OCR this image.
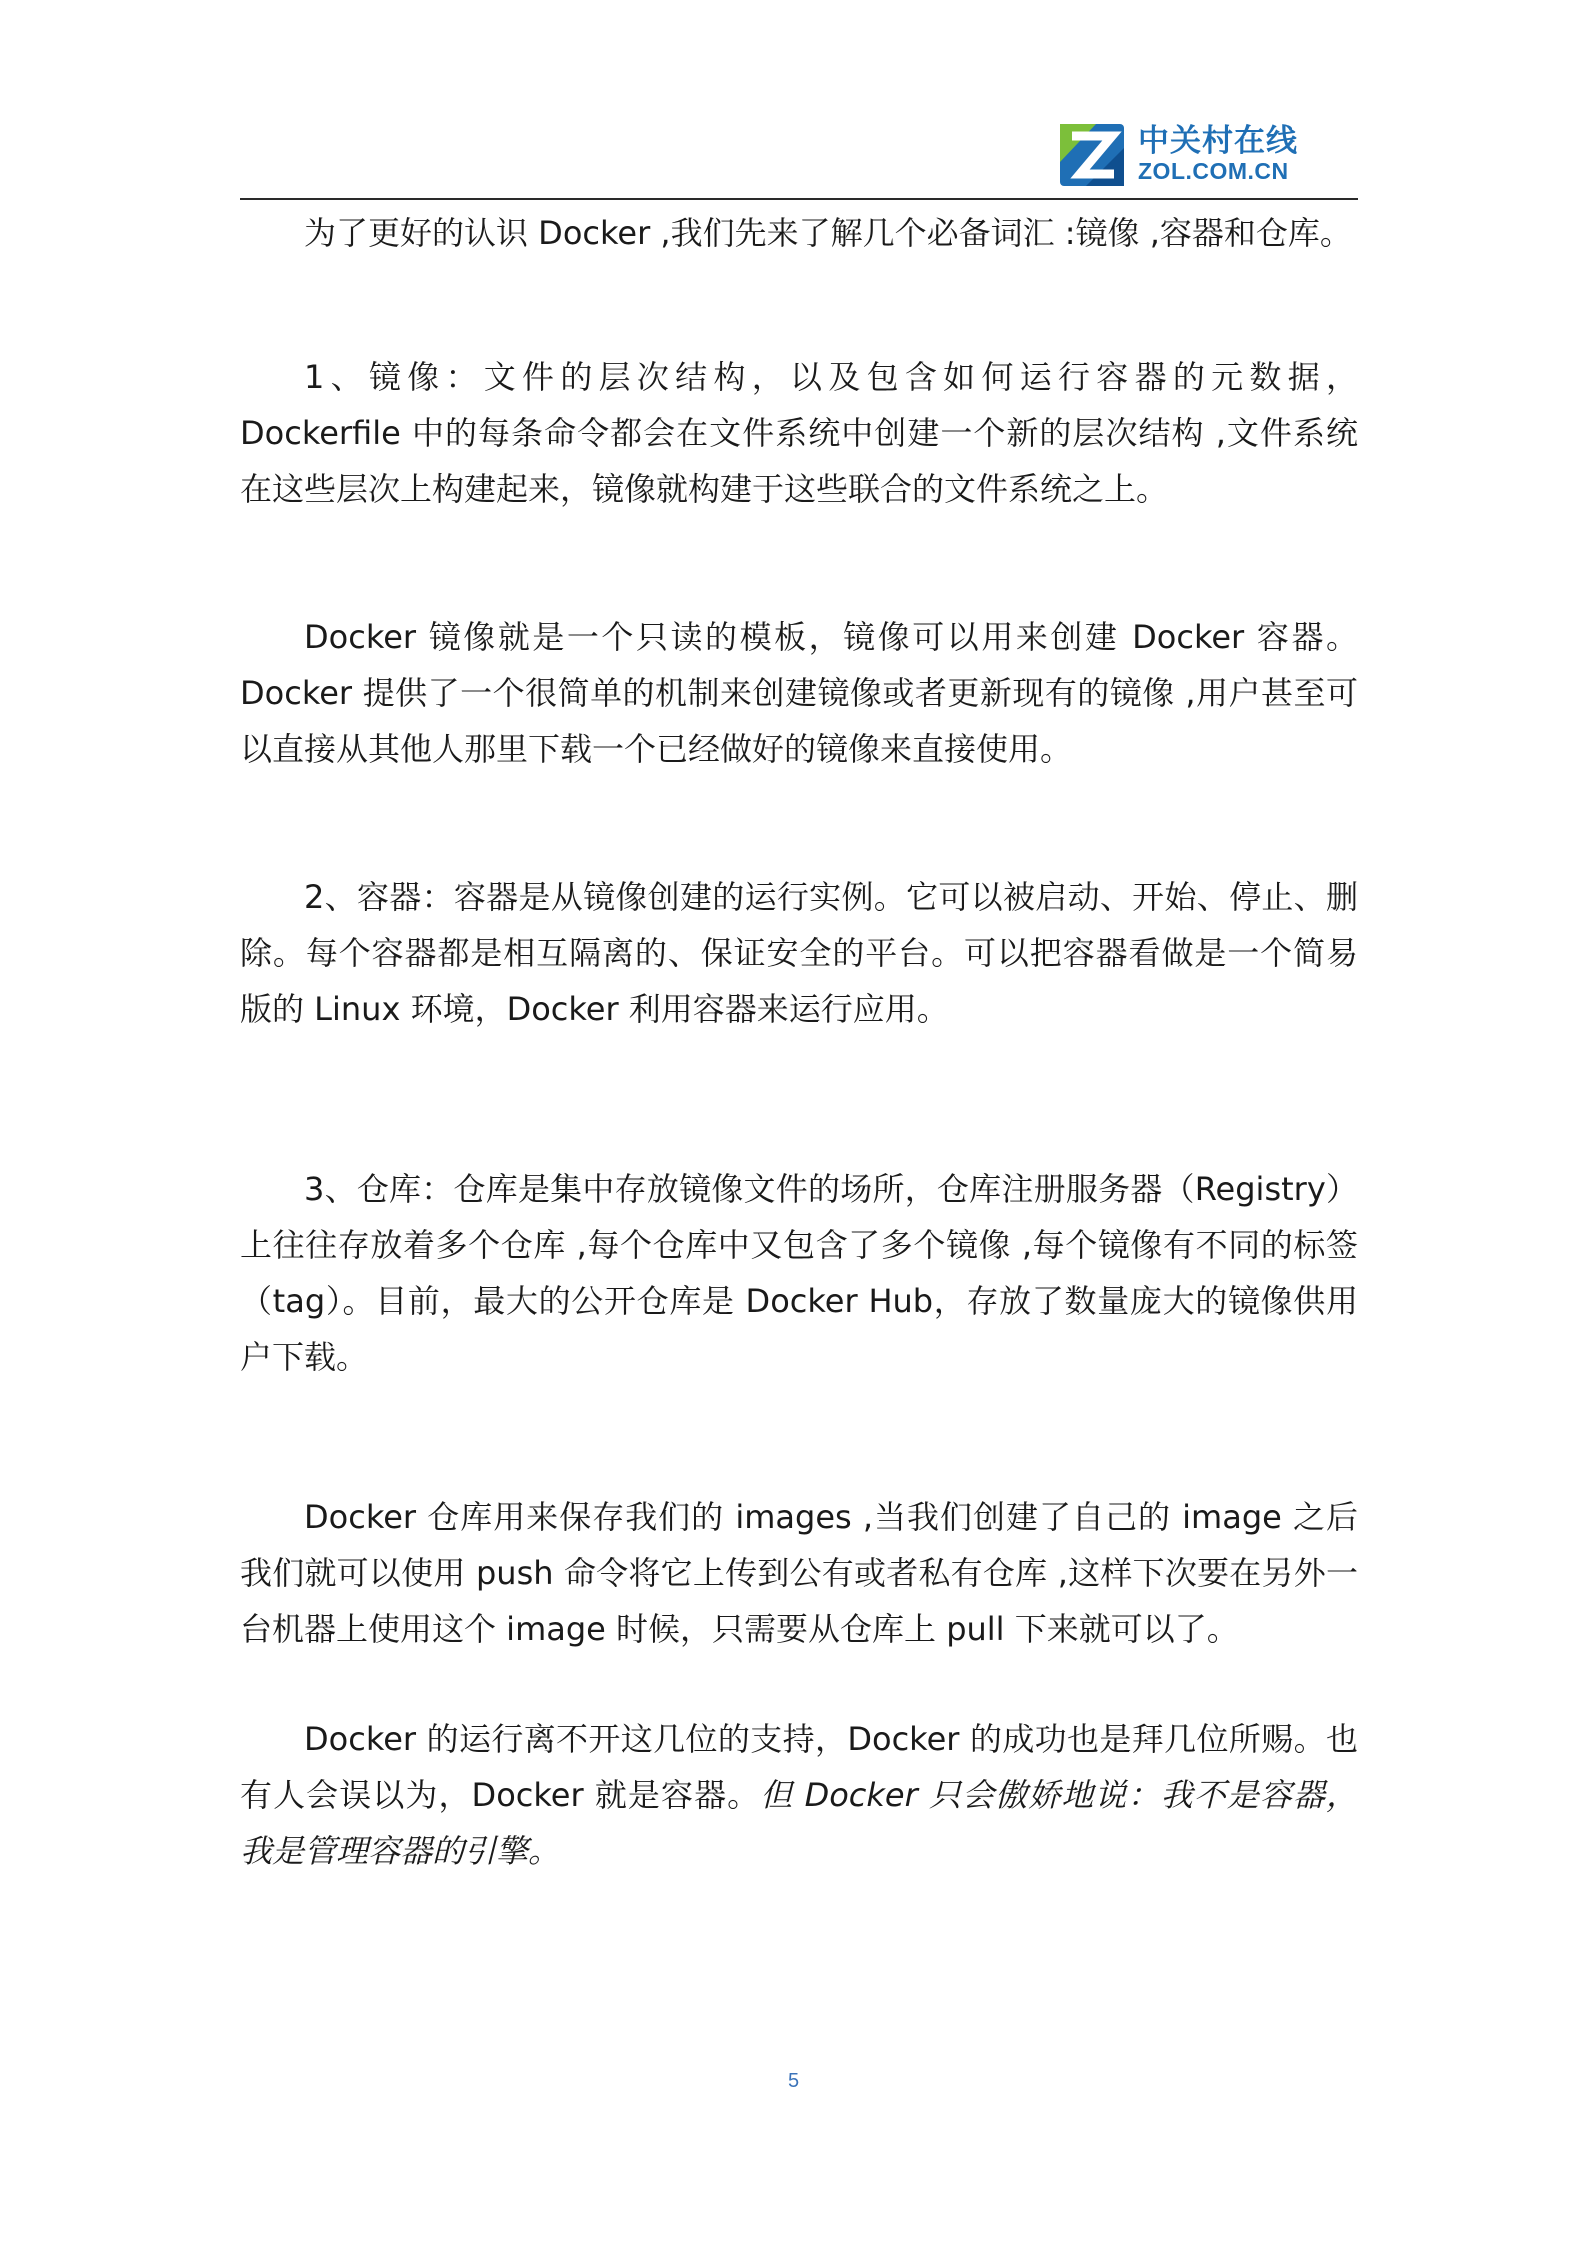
中关村在线
ZOL.COM.CN

为了更好的认识 Docker ,我们先来了解几个必备词汇 :镜像 ,容器和仓库。

1、镜像：文件的层次结构，以及包含如何运行容器的元数据， Dockerfile 中的每条命令都会在文件系统中创建一个新的层次结构 ,文件系统在这些层次上构建起来，镜像就构建于这些联合的文件系统之上。

Docker 镜像就是一个只读的模板，镜像可以用来创建 Docker 容器。Docker 提供了一个很简单的机制来创建镜像或者更新现有的镜像 ,用户甚至可以直接从其他人那里下载一个已经做好的镜像来直接使用。

2、容器：容器是从镜像创建的运行实例。它可以被启动、开始、停止、删除。每个容器都是相互隔离的、保证安全的平台。可以把容器看做是一个简易版的 Linux 环境，Docker 利用容器来运行应用。

3、仓库：仓库是集中存放镜像文件的场所，仓库注册服务器（Registry）上往往存放着多个仓库 ,每个仓库中又包含了多个镜像 ,每个镜像有不同的标签（tag）。目前，最大的公开仓库是 Docker Hub，存放了数量庞大的镜像供用户下载。

Docker 仓库用来保存我们的 images ,当我们创建了自己的 image 之后我们就可以使用 push 命令将它上传到公有或者私有仓库 ,这样下次要在另外一台机器上使用这个 image 时候，只需要从仓库上 pull 下来就可以了。

Docker 的运行离不开这几位的支持，Docker 的成功也是拜几位所赐。也有人会误以为，Docker 就是容器。但 Docker 只会傲娇地说：我不是容器，我是管理容器的引擎。

5
